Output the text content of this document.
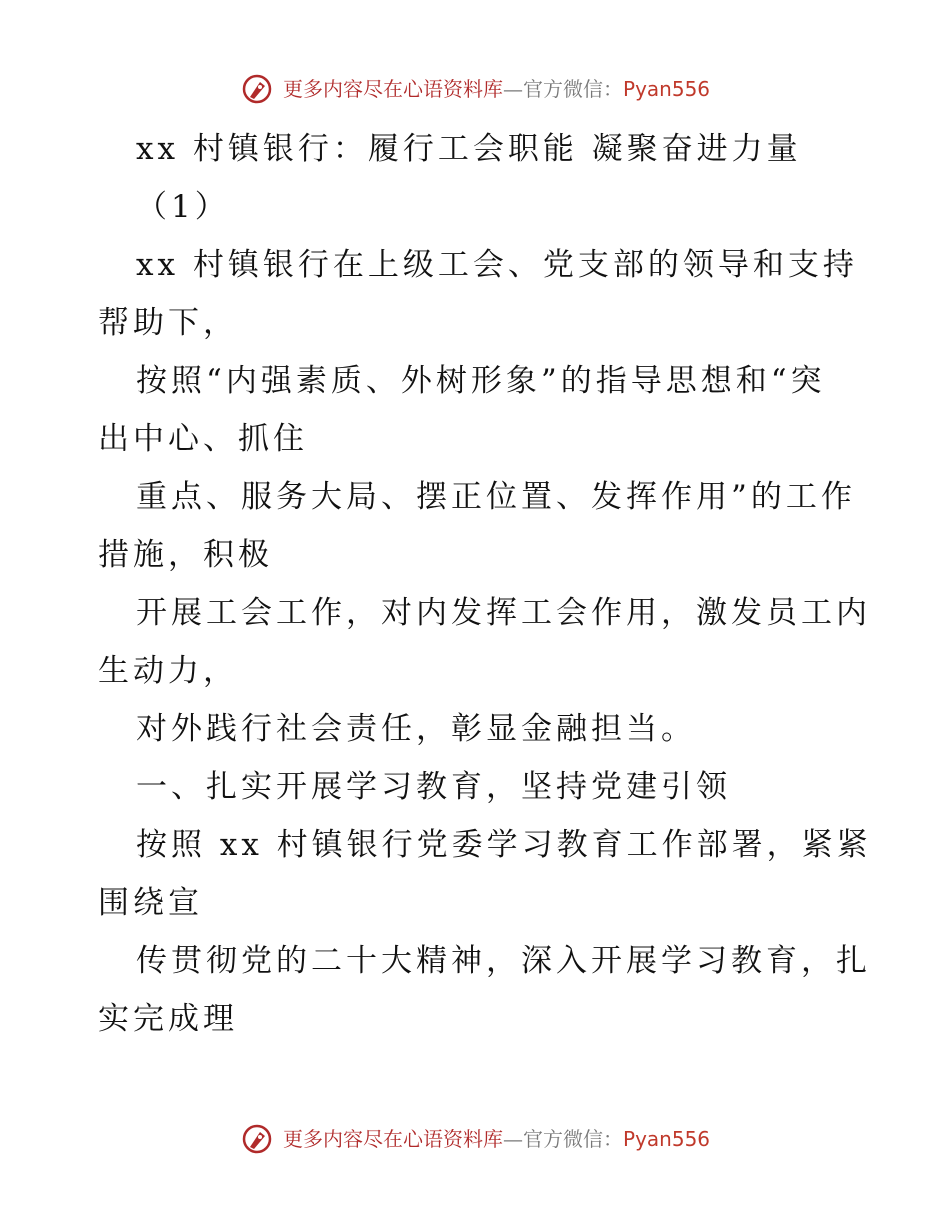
更多内容尽在心语资料库—官方微信：Pyan556
xx 村镇银行：履行工会职能 凝聚奋进力量
（1）
xx 村镇银行在上级工会、党支部的领导和支持
帮助下，
按照“内强素质、外树形象”的指导思想和“突
出中心、抓住
重点、服务大局、摆正位置、发挥作用”的工作
措施，积极
开展工会工作，对内发挥工会作用，激发员工内
生动力，
对外践行社会责任，彰显金融担当。
一、扎实开展学习教育，坚持党建引领
按照 xx 村镇银行党委学习教育工作部署，紧紧
围绕宣
传贯彻党的二十大精神，深入开展学习教育，扎
实完成理
更多内容尽在心语资料库—官方微信：Pyan556
